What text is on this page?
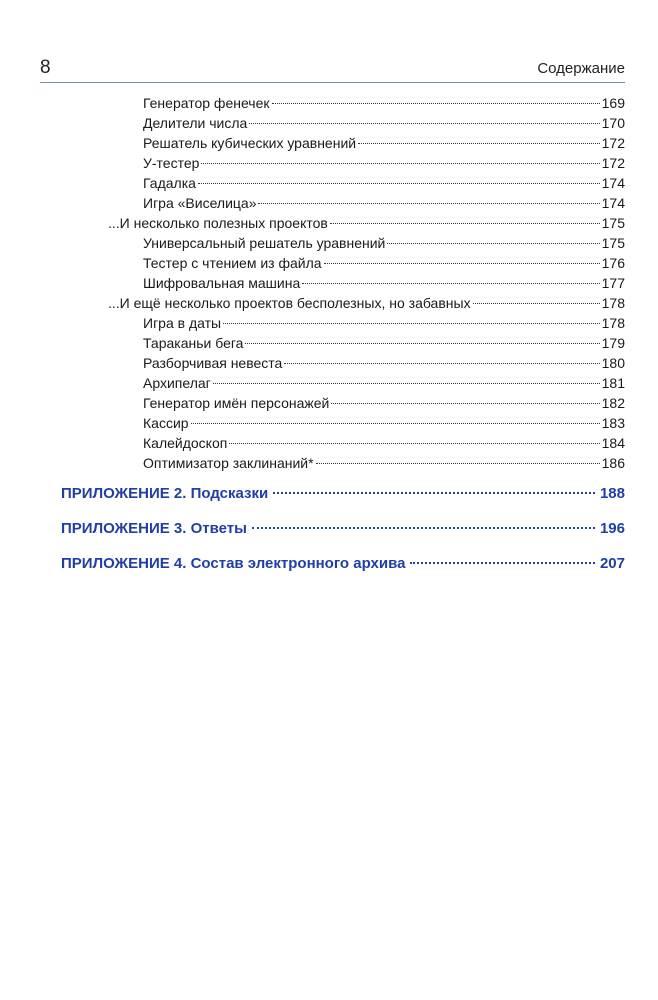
8	Содержание
Генератор фенечек	169
Делители числа	170
Решатель кубических уравнений	172
У-тестер	172
Гадалка	174
Игра «Виселица»	174
...И несколько полезных проектов	175
Универсальный решатель уравнений	175
Тестер с чтением из файла	176
Шифровальная машина	177
...И ещё несколько проектов бесполезных, но забавных	178
Игра в даты	178
Тараканьи бега	179
Разборчивая невеста	180
Архипелаг	181
Генератор имён персонажей	182
Кассир	183
Калейдоскоп	184
Оптимизатор заклинаний*	186
ПРИЛОЖЕНИЕ 2. Подсказки	188
ПРИЛОЖЕНИЕ 3. Ответы	196
ПРИЛОЖЕНИЕ 4. Состав электронного архива	207
